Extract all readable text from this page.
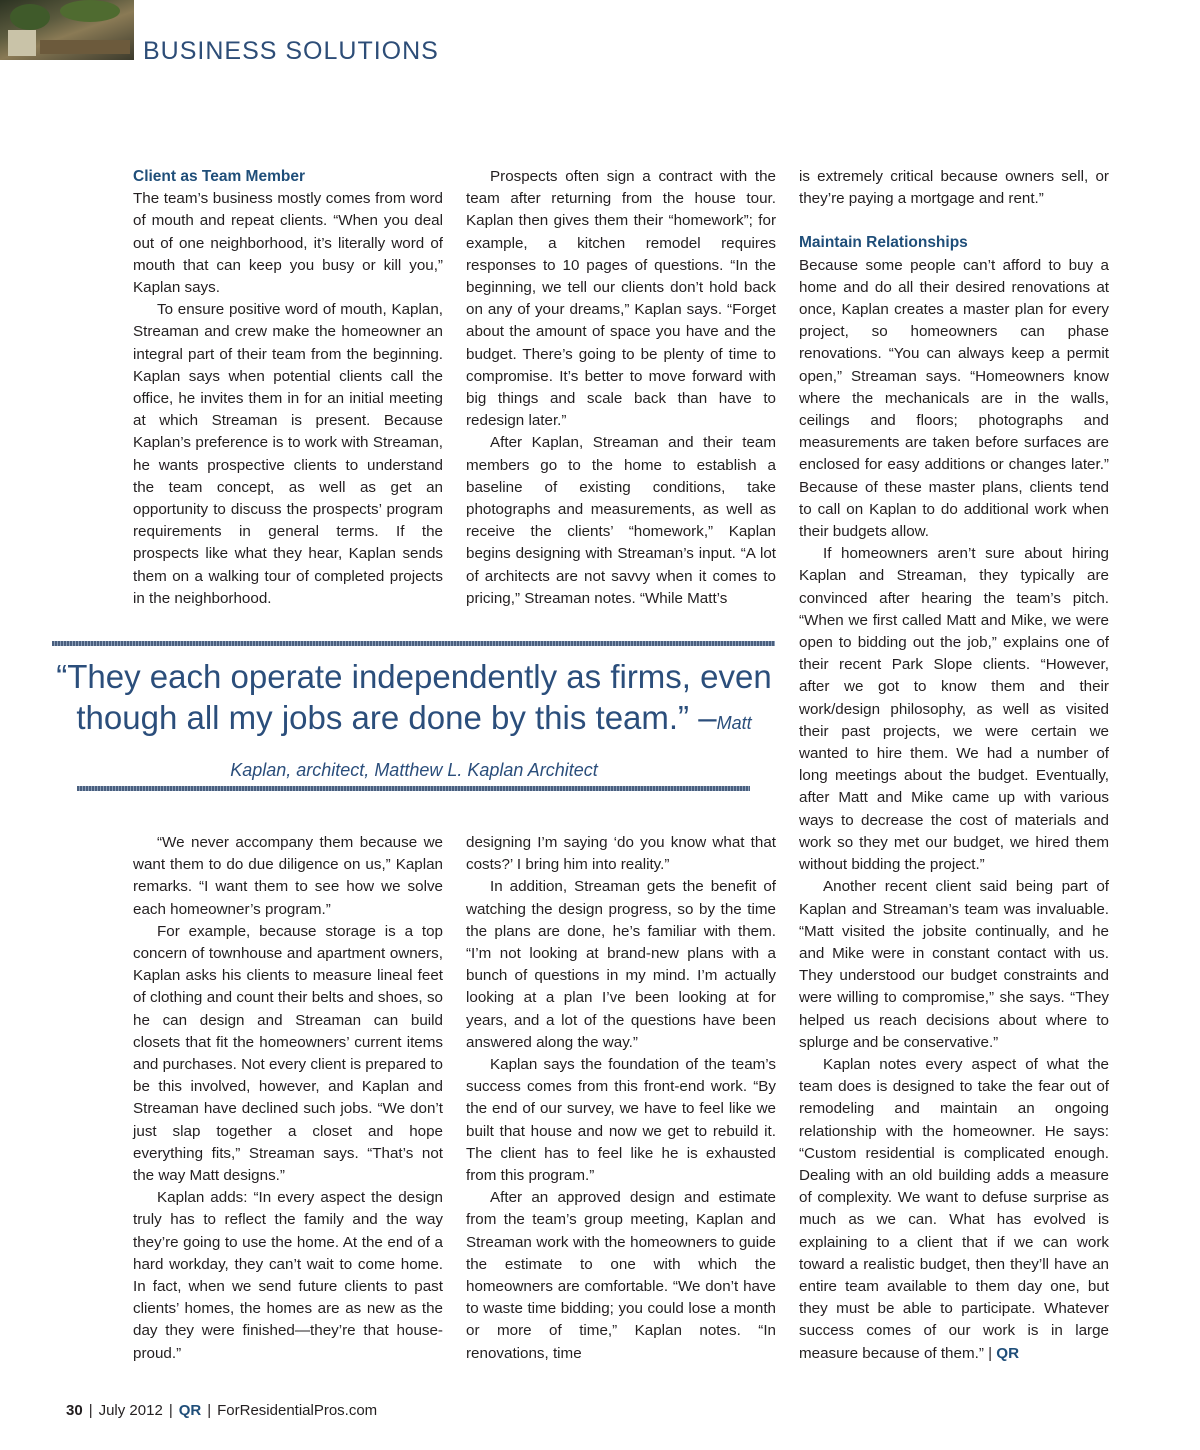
BUSINESS SOLUTIONS
Client as Team Member

The team’s business mostly comes from word of mouth and repeat clients. “When you deal out of one neighborhood, it’s literally word of mouth that can keep you busy or kill you,” Kaplan says.

To ensure positive word of mouth, Kaplan, Streaman and crew make the homeowner an integral part of their team from the beginning. Kaplan says when potential clients call the office, he invites them in for an initial meeting at which Streaman is present. Because Kaplan’s preference is to work with Streaman, he wants prospective clients to understand the team concept, as well as get an opportunity to discuss the prospects’ program requirements in general terms. If the prospects like what they hear, Kaplan sends them on a walking tour of completed projects in the neighborhood.

Prospects often sign a contract with the team after returning from the house tour. Kaplan then gives them their “homework”; for example, a kitchen remodel requires responses to 10 pages of questions. “In the beginning, we tell our clients don’t hold back on any of your dreams,” Kaplan says. “Forget about the amount of space you have and the budget. There’s going to be plenty of time to compromise. It’s better to move forward with big things and scale back than have to redesign later.”

After Kaplan, Streaman and their team members go to the home to establish a baseline of existing conditions, take photographs and measurements, as well as receive the clients’ “homework,” Kaplan begins designing with Streaman’s input. “A lot of architects are not savvy when it comes to pricing,” Streaman notes. “While Matt’s

is extremely critical because owners sell, or they’re paying a mortgage and rent.”

Maintain Relationships

Because some people can’t afford to buy a home and do all their desired renovations at once, Kaplan creates a master plan for every project, so homeowners can phase renovations. “You can always keep a permit open,” Streaman says. “Homeowners know where the mechanicals are in the walls, ceilings and floors; photographs and measurements are taken before surfaces are enclosed for easy additions or changes later.” Because of these master plans, clients tend to call on Kaplan to do additional work when their budgets allow.

If homeowners aren’t sure about hiring Kaplan and Streaman, they typically are convinced after hearing the team’s pitch. “When we first called Matt and Mike, we were open to bidding out the job,” explains one of their recent Park Slope clients. “However, after we got to know them and their work/design philosophy, as well as visited their past projects, we were certain we wanted to hire them. We had a number of long meetings about the budget. Eventually, after Matt and Mike came up with various ways to decrease the cost of materials and work so they met our budget, we hired them without bidding the project.”

Another recent client said being part of Kaplan and Streaman’s team was invaluable. “Matt visited the jobsite continually, and he and Mike were in constant contact with us. They understood our budget constraints and were willing to compromise,” she says. “They helped us reach decisions about where to splurge and be conservative.”

Kaplan notes every aspect of what the team does is designed to take the fear out of remodeling and maintain an ongoing relationship with the homeowner. He says: “Custom residential is complicated enough. Dealing with an old building adds a measure of complexity. We want to defuse surprise as much as we can. What has evolved is explaining to a client that if we can work toward a realistic budget, then they’ll have an entire team available to them day one, but they must be able to participate. Whatever success comes of our work is in large measure because of them.” | QR

“They each operate independently as firms, even though all my jobs are done by this team.” –Matt Kaplan, architect, Matthew L. Kaplan Architect

“We never accompany them because we want them to do due diligence on us,” Kaplan remarks. “I want them to see how we solve each homeowner’s program.”

For example, because storage is a top concern of townhouse and apartment owners, Kaplan asks his clients to measure lineal feet of clothing and count their belts and shoes, so he can design and Streaman can build closets that fit the homeowners’ current items and purchases. Not every client is prepared to be this involved, however, and Kaplan and Streaman have declined such jobs. “We don’t just slap together a closet and hope everything fits,” Streaman says. “That’s not the way Matt designs.”

Kaplan adds: “In every aspect the design truly has to reflect the family and the way they’re going to use the home. At the end of a hard workday, they can’t wait to come home. In fact, when we send future clients to past clients’ homes, the homes are as new as the day they were finished—they’re that house-proud.”

designing I’m saying ‘do you know what that costs?’ I bring him into reality.”

In addition, Streaman gets the benefit of watching the design progress, so by the time the plans are done, he’s familiar with them. “I’m not looking at brand-new plans with a bunch of questions in my mind. I’m actually looking at a plan I’ve been looking at for years, and a lot of the questions have been answered along the way.”

Kaplan says the foundation of the team’s success comes from this front-end work. “By the end of our survey, we have to feel like we built that house and now we get to rebuild it. The client has to feel like he is exhausted from this program.”

After an approved design and estimate from the team’s group meeting, Kaplan and Streaman work with the homeowners to guide the estimate to one with which the homeowners are comfortable. “We don’t have to waste time bidding; you could lose a month or more of time,” Kaplan notes. “In renovations, time

30 | July 2012 | QR | ForResidentialPros.com
